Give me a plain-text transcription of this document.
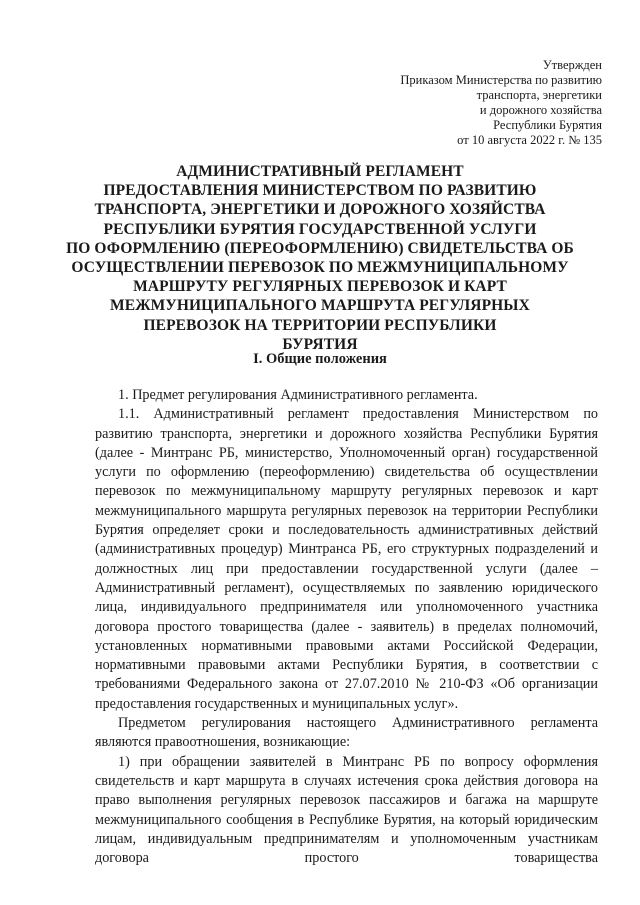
Утвержден
Приказом Министерства по развитию
транспорта, энергетики
и дорожного хозяйства
Республики Бурятия
от 10 августа 2022 г. № 135
АДМИНИСТРАТИВНЫЙ РЕГЛАМЕНТ
ПРЕДОСТАВЛЕНИЯ МИНИСТЕРСТВОМ ПО РАЗВИТИЮ
ТРАНСПОРТА, ЭНЕРГЕТИКИ И ДОРОЖНОГО ХОЗЯЙСТВА
РЕСПУБЛИКИ БУРЯТИЯ ГОСУДАРСТВЕННОЙ УСЛУГИ
ПО ОФОРМЛЕНИЮ (ПЕРЕОФОРМЛЕНИЮ) СВИДЕТЕЛЬСТВА ОБ
ОСУЩЕСТВЛЕНИИ ПЕРЕВОЗОК ПО МЕЖМУНИЦИПАЛЬНОМУ
МАРШРУТУ РЕГУЛЯРНЫХ ПЕРЕВОЗОК И КАРТ
МЕЖМУНИЦИПАЛЬНОГО МАРШРУТА РЕГУЛЯРНЫХ
ПЕРЕВОЗОК НА ТЕРРИТОРИИ РЕСПУБЛИКИ
БУРЯТИЯ
I. Общие положения

1. Предмет регулирования Административного регламента.

1.1. Административный регламент предоставления Министерством по развитию транспорта, энергетики и дорожного хозяйства Республики Бурятия (далее - Минтранс РБ, министерство, Уполномоченный орган) государственной услуги по оформлению (переоформлению) свидетельства об осуществлении перевозок по межмуниципальному маршруту регулярных перевозок и карт межмуниципального маршрута регулярных перевозок на территории Республики Бурятия определяет сроки и последовательность административных действий (административных процедур) Минтранса РБ, его структурных подразделений и должностных лиц при предоставлении государственной услуги (далее – Административный регламент), осуществляемых по заявлению юридического лица, индивидуального предпринимателя или уполномоченного участника договора простого товарищества (далее - заявитель) в пределах полномочий, установленных нормативными правовыми актами Российской Федерации, нормативными правовыми актами Республики Бурятия, в соответствии с требованиями Федерального закона от 27.07.2010 № 210-ФЗ «Об организации предоставления государственных и муниципальных услуг».

Предметом регулирования настоящего Административного регламента являются правоотношения, возникающие:

1) при обращении заявителей в Минтранс РБ по вопросу оформления свидетельств и карт маршрута в случаях истечения срока действия договора на право выполнения регулярных перевозок пассажиров и багажа на маршруте межмуниципального сообщения в Республике Бурятия, на который юридическим лицам, индивидуальным предпринимателям и уполномоченным участникам договора простого товарищества
